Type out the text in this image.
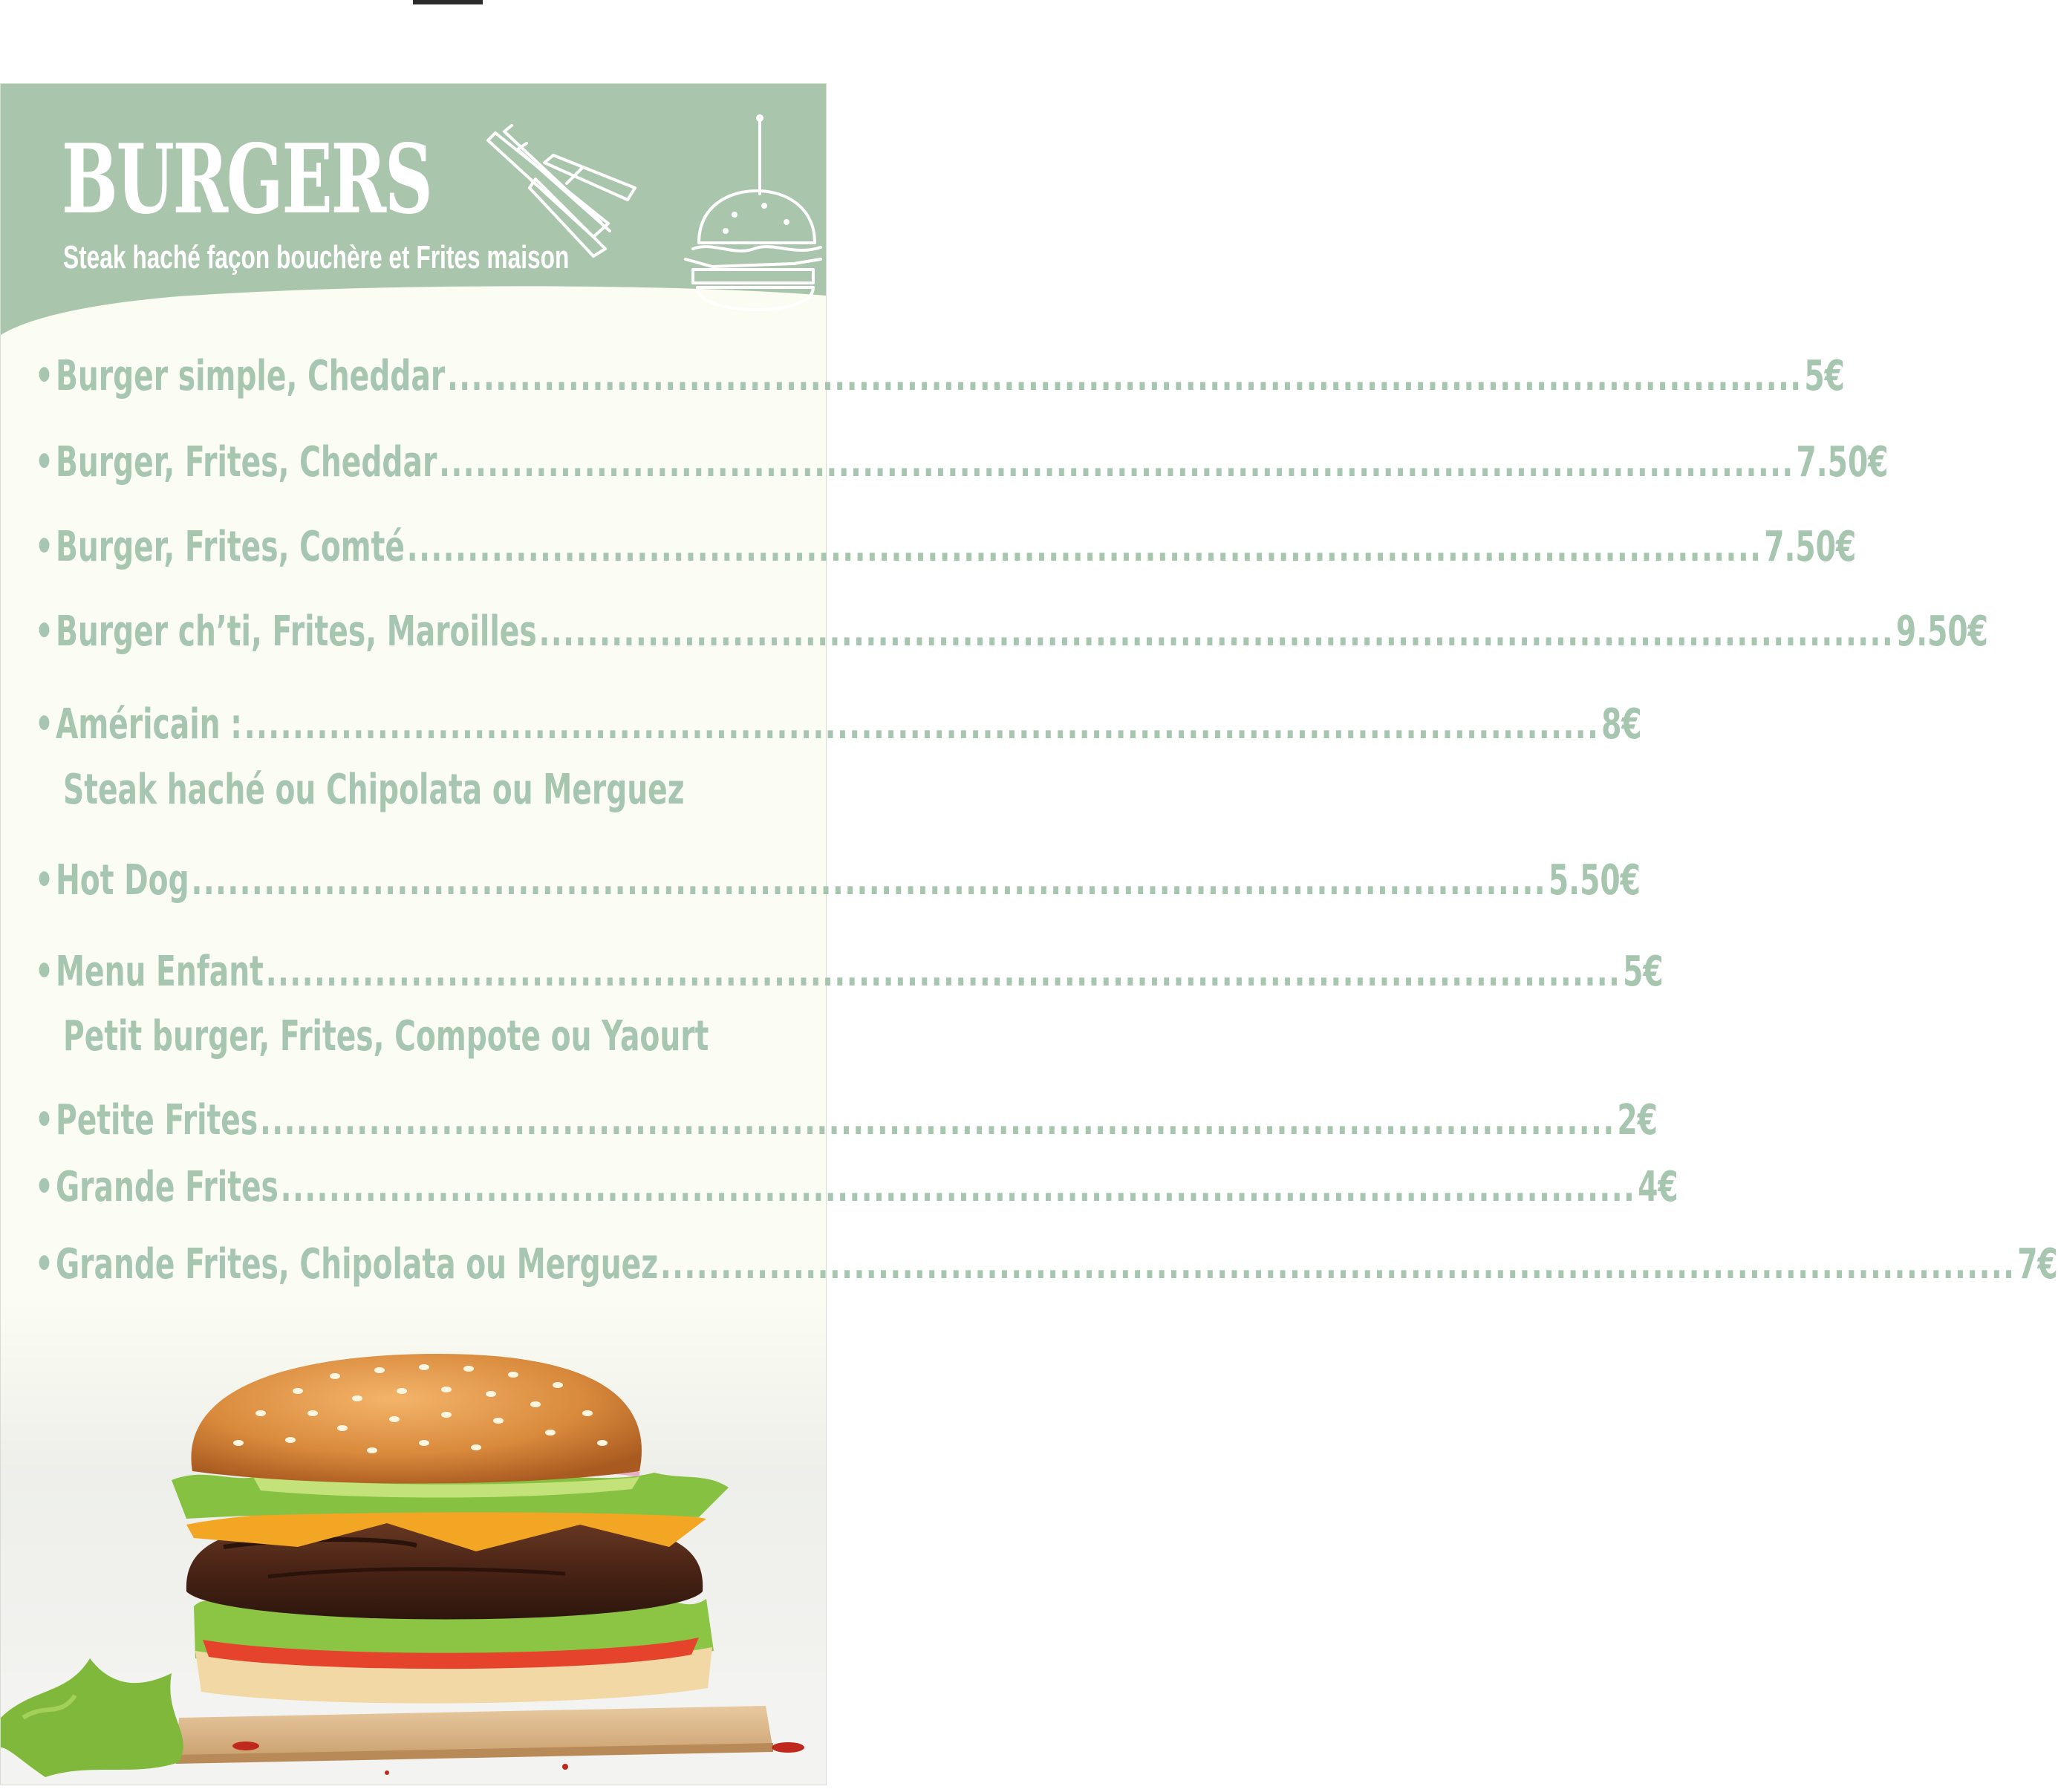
BURGERS

Steak haché façon bouchère et Frites maison

• Burger simple, Cheddar ................................................................................................................ 5€
• Burger, Frites, Cheddar ................................................................................................................ 7.50€
• Burger, Frites, Comté ................................................................................................................ 7.50€
• Burger ch’ti, Frites, Maroilles ................................................................................................................ 9.50€
• Américain : ................................................................................................................ 8€
Steak haché ou Chipolata ou Merguez
• Hot Dog ................................................................................................................ 5.50€
• Menu Enfant ................................................................................................................ 5€
Petit burger, Frites, Compote ou Yaourt
• Petite Frites ................................................................................................................ 2€
• Grande Frites ................................................................................................................ 4€
• Grande Frites, Chipolata ou Merguez ................................................................................................................ 7€
